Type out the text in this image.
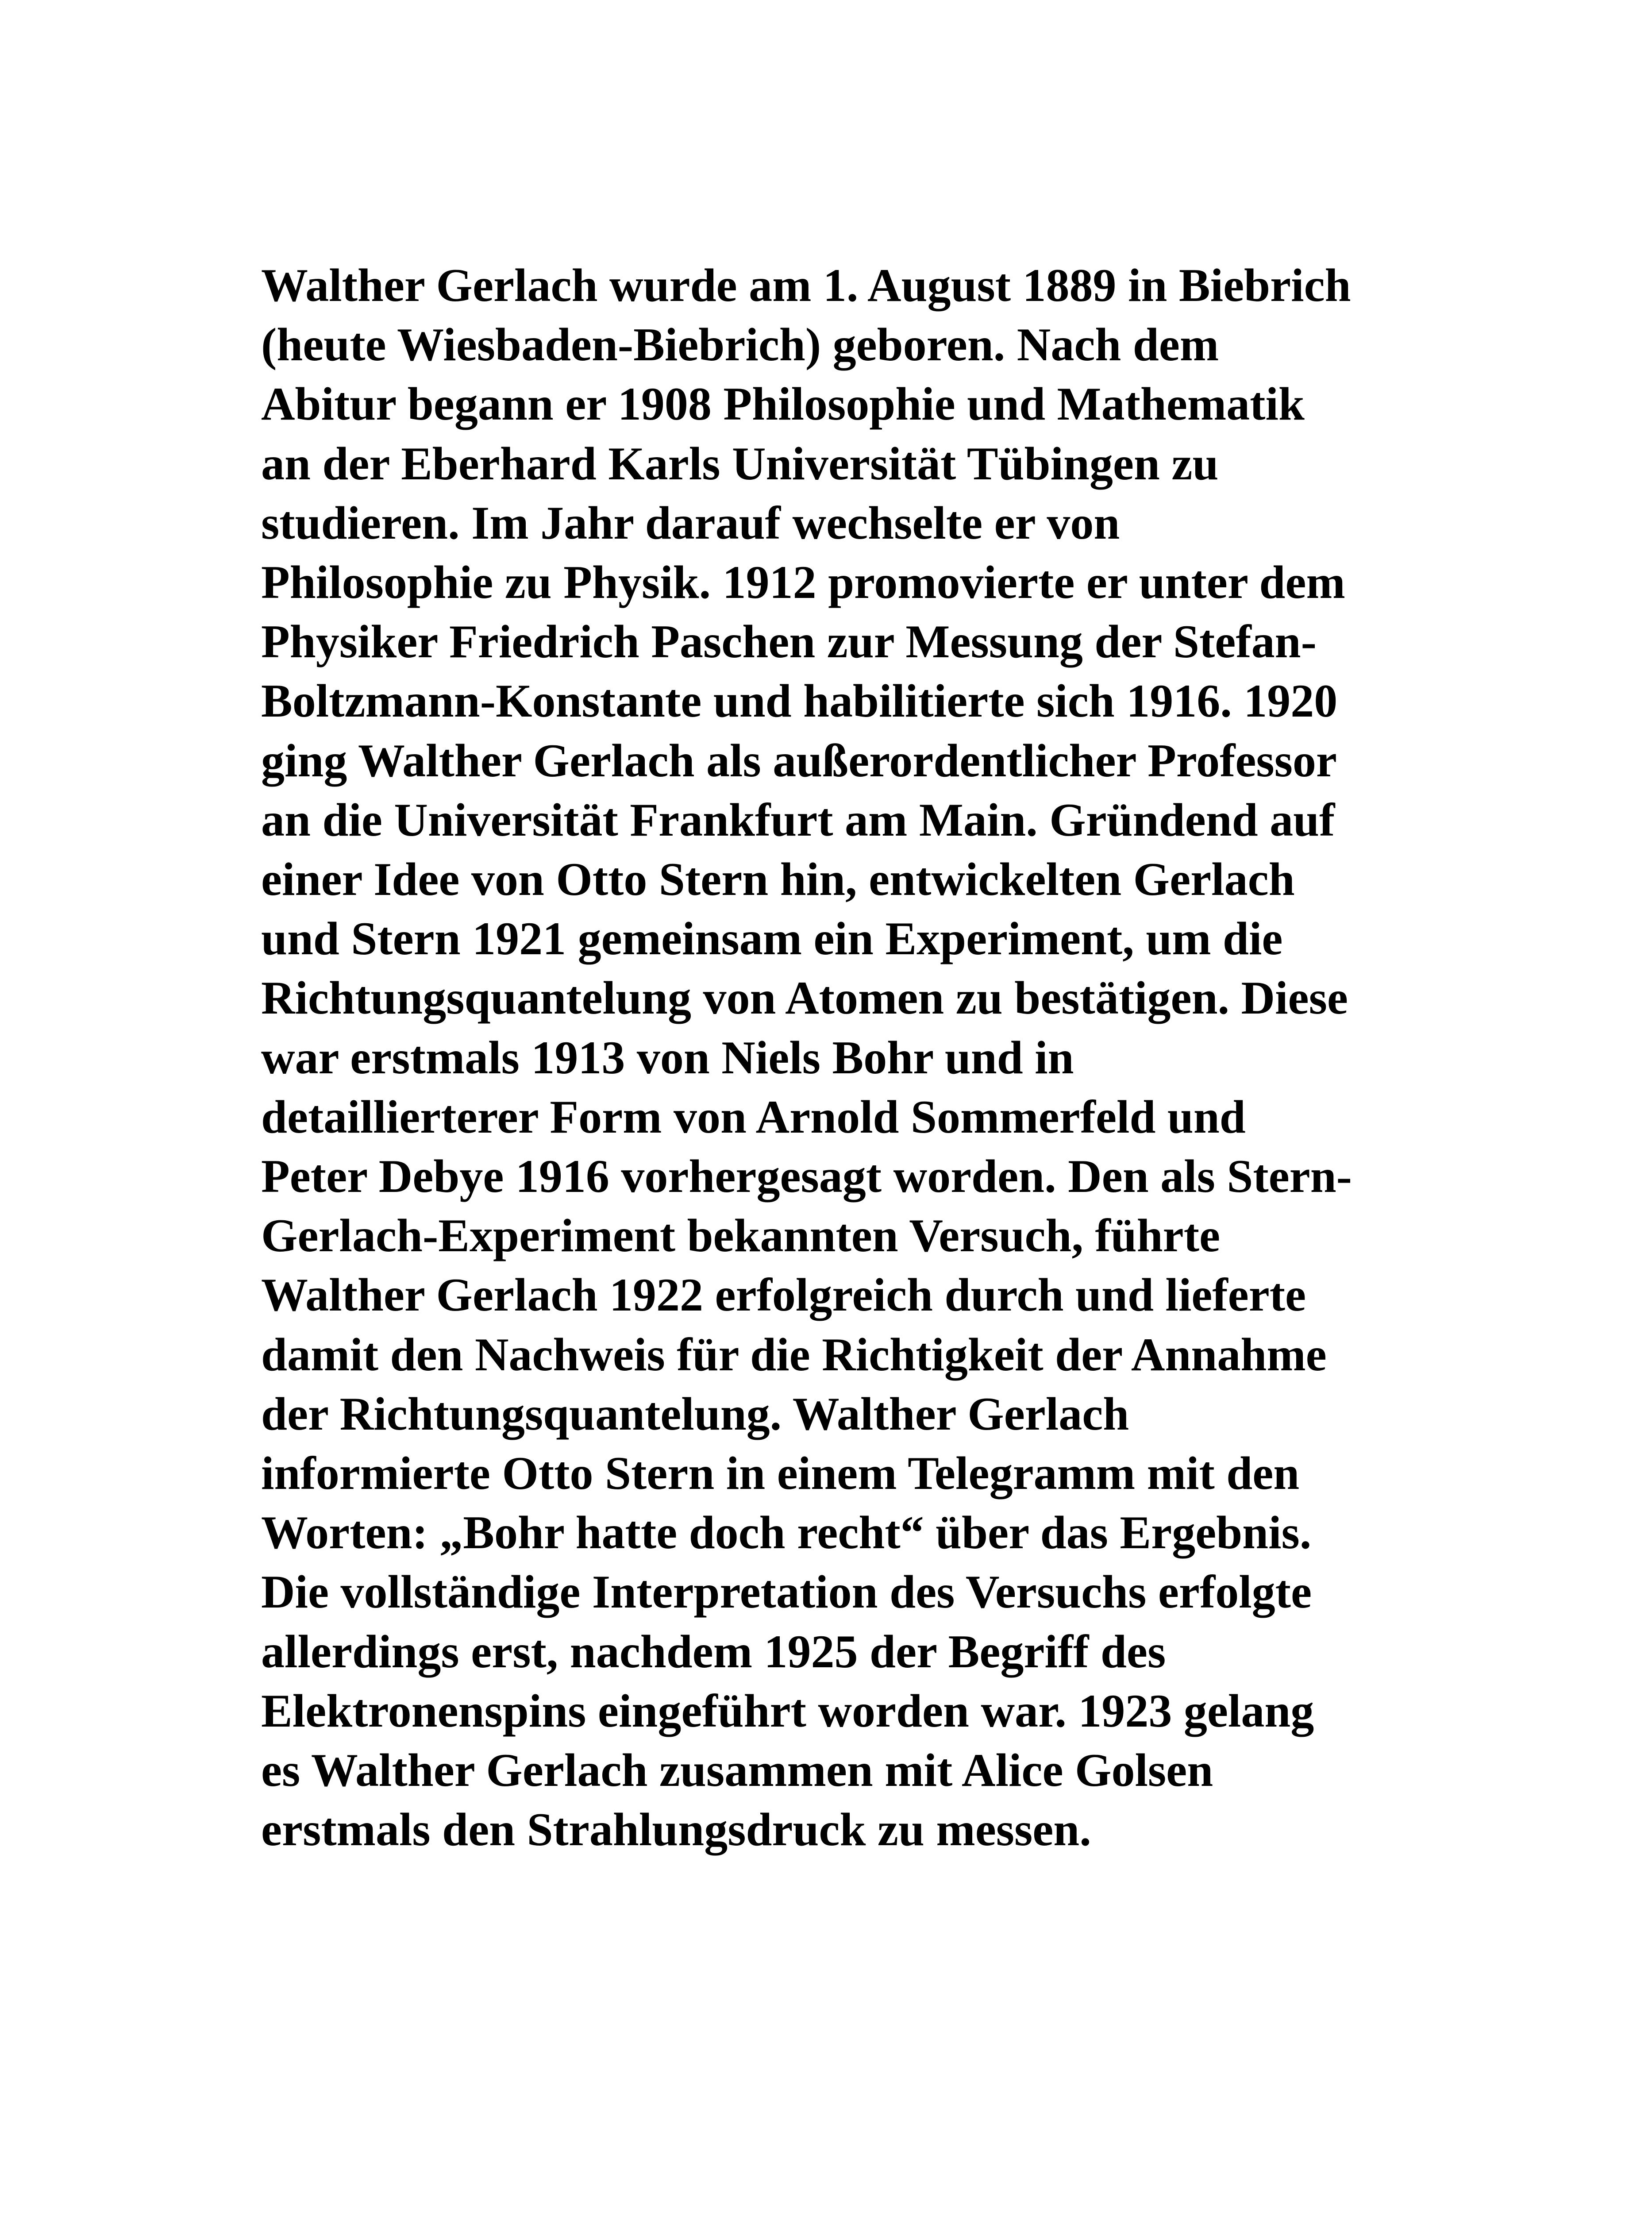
Walther Gerlach wurde am 1. August 1889 in Biebrich
(heute Wiesbaden-Biebrich) geboren. Nach dem
Abitur begann er 1908 Philosophie und Mathematik
an der Eberhard Karls Universität Tübingen zu
studieren. Im Jahr darauf wechselte er von
Philosophie zu Physik. 1912 promovierte er unter dem
Physiker Friedrich Paschen zur Messung der Stefan-
Boltzmann-Konstante und habilitierte sich 1916. 1920
ging Walther Gerlach als außerordentlicher Professor
an die Universität Frankfurt am Main. Gründend auf
einer Idee von Otto Stern hin, entwickelten Gerlach
und Stern 1921 gemeinsam ein Experiment, um die
Richtungsquantelung von Atomen zu bestätigen. Diese
war erstmals 1913 von Niels Bohr und in
detaillierterer Form von Arnold Sommerfeld und
Peter Debye 1916 vorhergesagt worden. Den als Stern-
Gerlach-Experiment bekannten Versuch, führte
Walther Gerlach 1922 erfolgreich durch und lieferte
damit den Nachweis für die Richtigkeit der Annahme
der Richtungsquantelung. Walther Gerlach
informierte Otto Stern in einem Telegramm mit den
Worten: „Bohr hatte doch recht“ über das Ergebnis.
Die vollständige Interpretation des Versuchs erfolgte
allerdings erst, nachdem 1925 der Begriff des
Elektronenspins eingeführt worden war. 1923 gelang
es Walther Gerlach zusammen mit Alice Golsen
erstmals den Strahlungsdruck zu messen.
